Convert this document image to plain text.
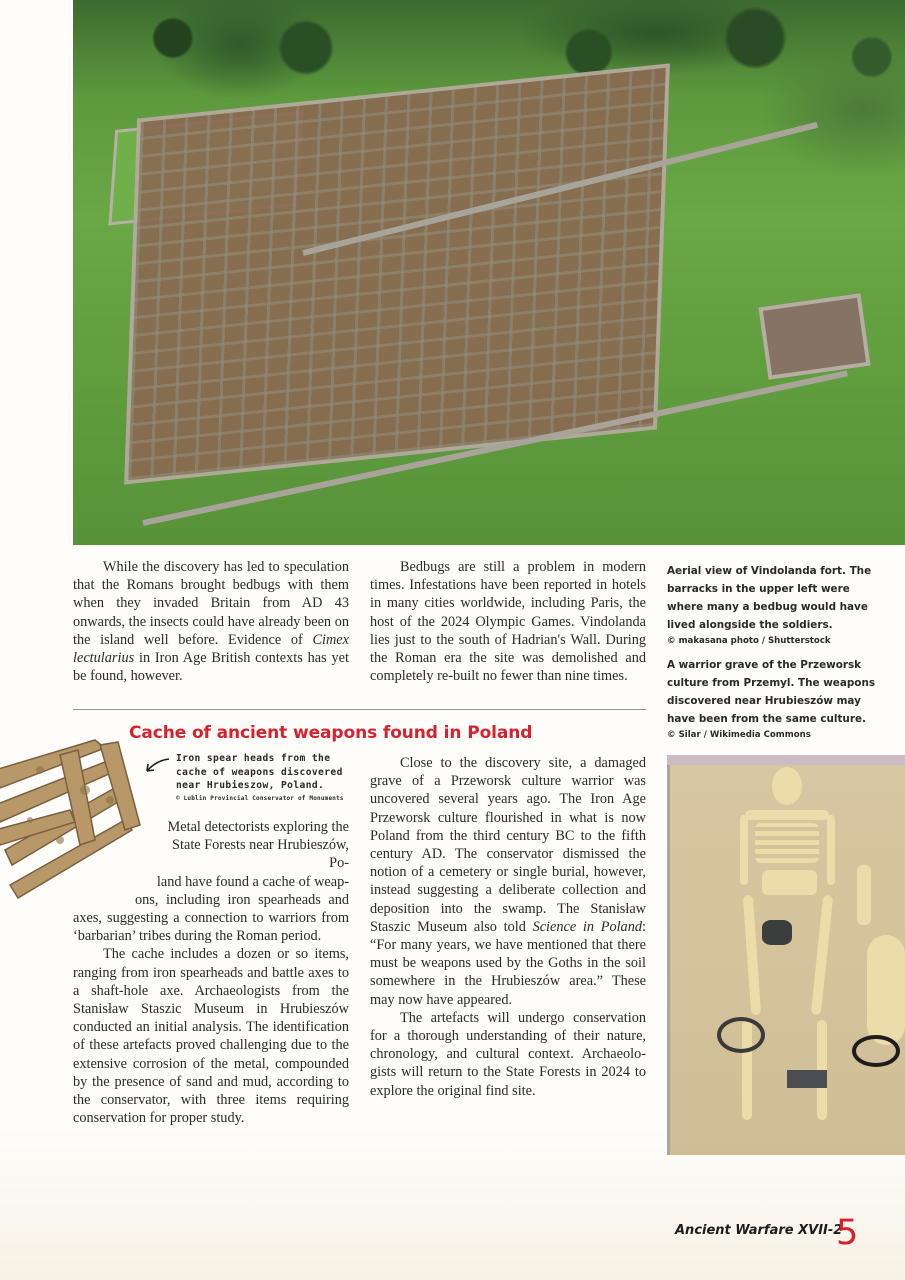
While the discovery has led to speculation that the Romans brought bedbugs with them when they invaded Britain from AD 43 onwards, the insects could have already been on the island well before. Evidence of Cimex lectularius in Iron Age British contexts has yet be found, however.

Bedbugs are still a problem in modern times. Infestations have been reported in hotels in many cities worldwide, including Paris, the host of the 2024 Olympic Games. Vindolanda lies just to the south of Hadrian's Wall. During the Roman era the site was demolished and completely re-built no fewer than nine times.

Aerial view of Vindolanda fort. The barracks in the upper left were where many a bedbug would have lived alongside the soldiers.
© makasana photo / Shutterstock
A warrior grave of the Przeworsk culture from Przemyl. The weapons discovered near Hrubieszów may have been from the same culture.
© Silar / Wikimedia Commons
Cache of ancient weapons found in Poland
Iron spear heads from the cache of weapons discovered near Hrubieszow, Poland.
© Lublin Provincial Conservator of Monuments

Metal detectorists exploring the

State Forests near Hrubieszów, Po-

land have found a cache of weap-

ons, including iron spearheads and axes, suggesting a connection to warriors from ‘barbarian’ tribes during the Roman period.

The cache includes a dozen or so items, ranging from iron spearheads and battle axes to a shaft-hole axe. Archaeologists from the Stanisław Staszic Museum in Hrubieszów conducted an initial analysis. The identification of these artefacts proved challenging due to the extensive corrosion of the metal, compounded by the presence of sand and mud, according to the conservator, with three items requiring conservation for proper study.

Close to the discovery site, a damaged grave of a Przeworsk culture warrior was uncovered several years ago. The Iron Age Przeworsk culture flourished in what is now Poland from the third century BC to the fifth century AD. The conservator dismissed the notion of a cemetery or single burial, however, instead suggesting a deliberate collection and deposition into the swamp. The Stanisław Staszic Museum also told Science in Poland: “For many years, we have mentioned that there must be weapons used by the Goths in the soil somewhere in the Hrubieszów area.” These may now have appeared.

The artefacts will undergo conservation for a thorough understanding of their nature, chronology, and cultural context. Archaeologists will return to the State Forests in 2024 to explore the original find site.

Ancient Warfare XVII-2
5
